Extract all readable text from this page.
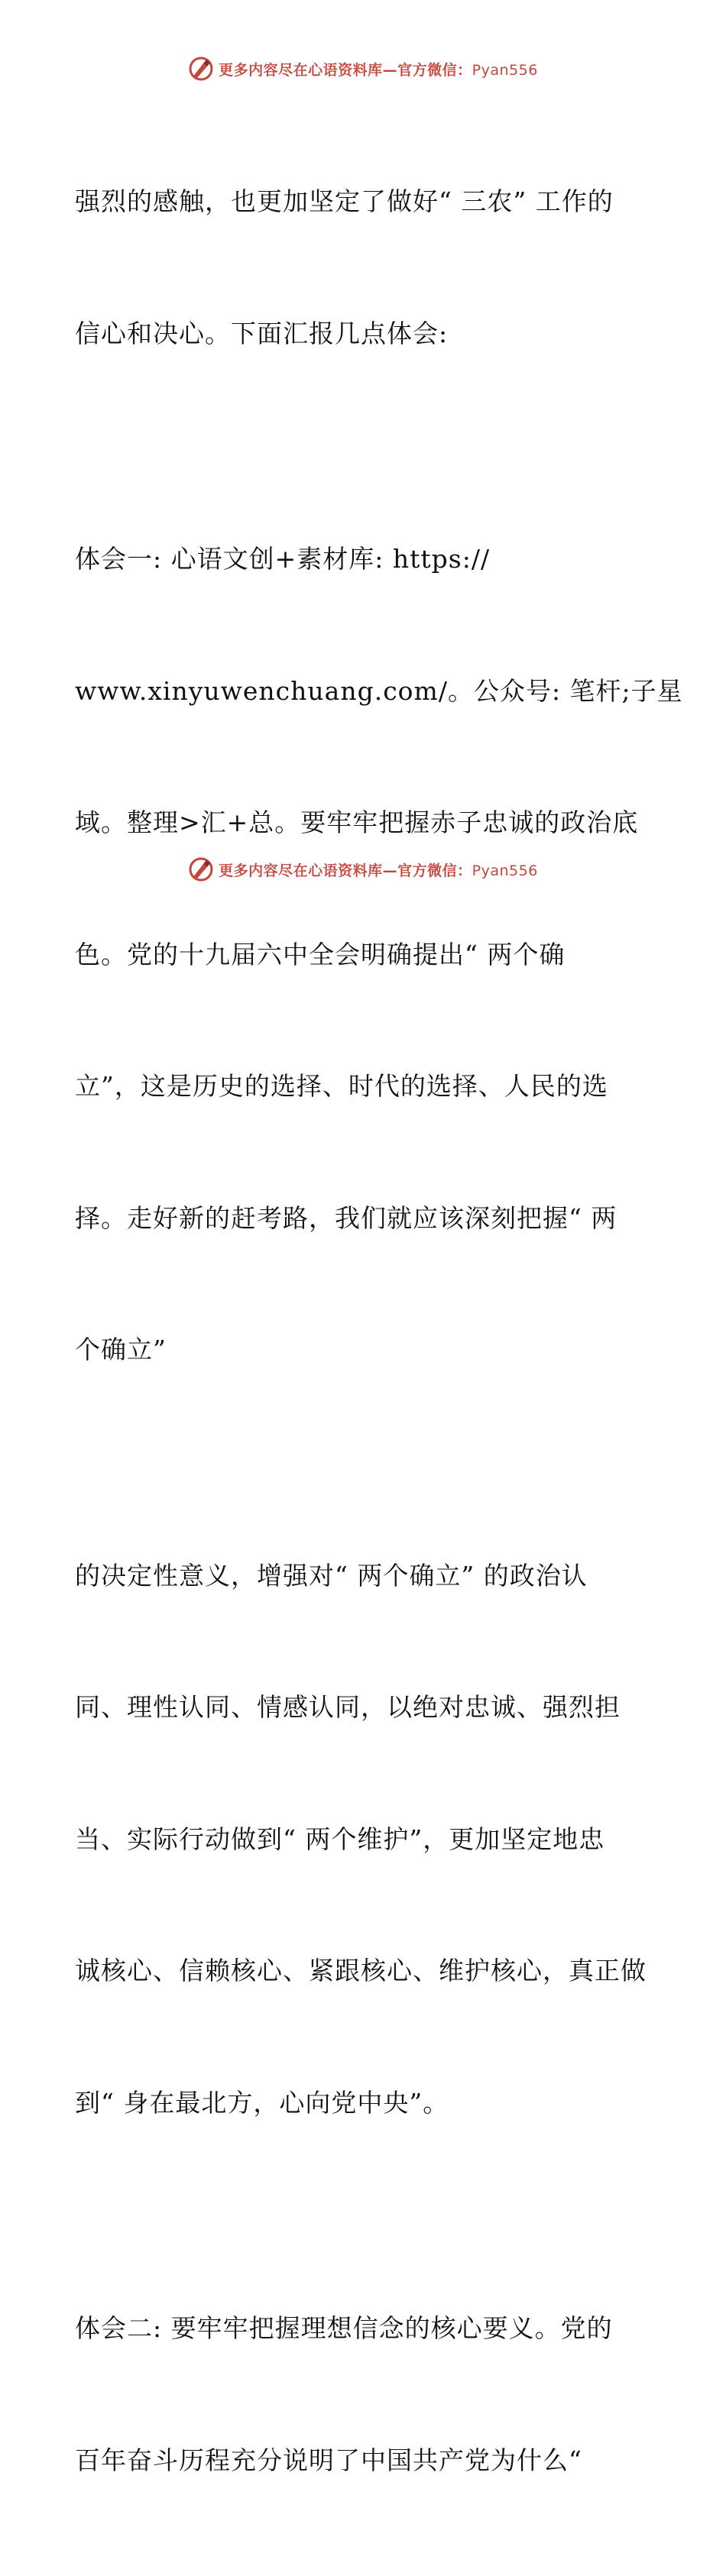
更多内容尽在心语资料库—官方微信：Pyan556

强烈的感触，也更加坚定了做好“ 三农” 工作的

信心和决心。下面汇报几点体会:

体会一: 心语文创+素材库: https://

www.xinyuwenchuang.com/。公众号: 笔杆;子星

域。整理>汇+总。要牢牢把握赤子忠诚的政治底

色。党的十九届六中全会明确提出“ 两个确

立”，这是历史的选择、时代的选择、人民的选

择。走好新的赶考路，我们就应该深刻把握“ 两

个确立”

的决定性意义，增强对“ 两个确立” 的政治认

同、理性认同、情感认同，以绝对忠诚、强烈担

当、实际行动做到“ 两个维护”，更加坚定地忠

诚核心、信赖核心、紧跟核心、维护核心，真正做

到“ 身在最北方，心向党中央”。

体会二: 要牢牢把握理想信念的核心要义。党的

百年奋斗历程充分说明了中国共产党为什么“

更多内容尽在心语资料库—官方微信：Pyan556
